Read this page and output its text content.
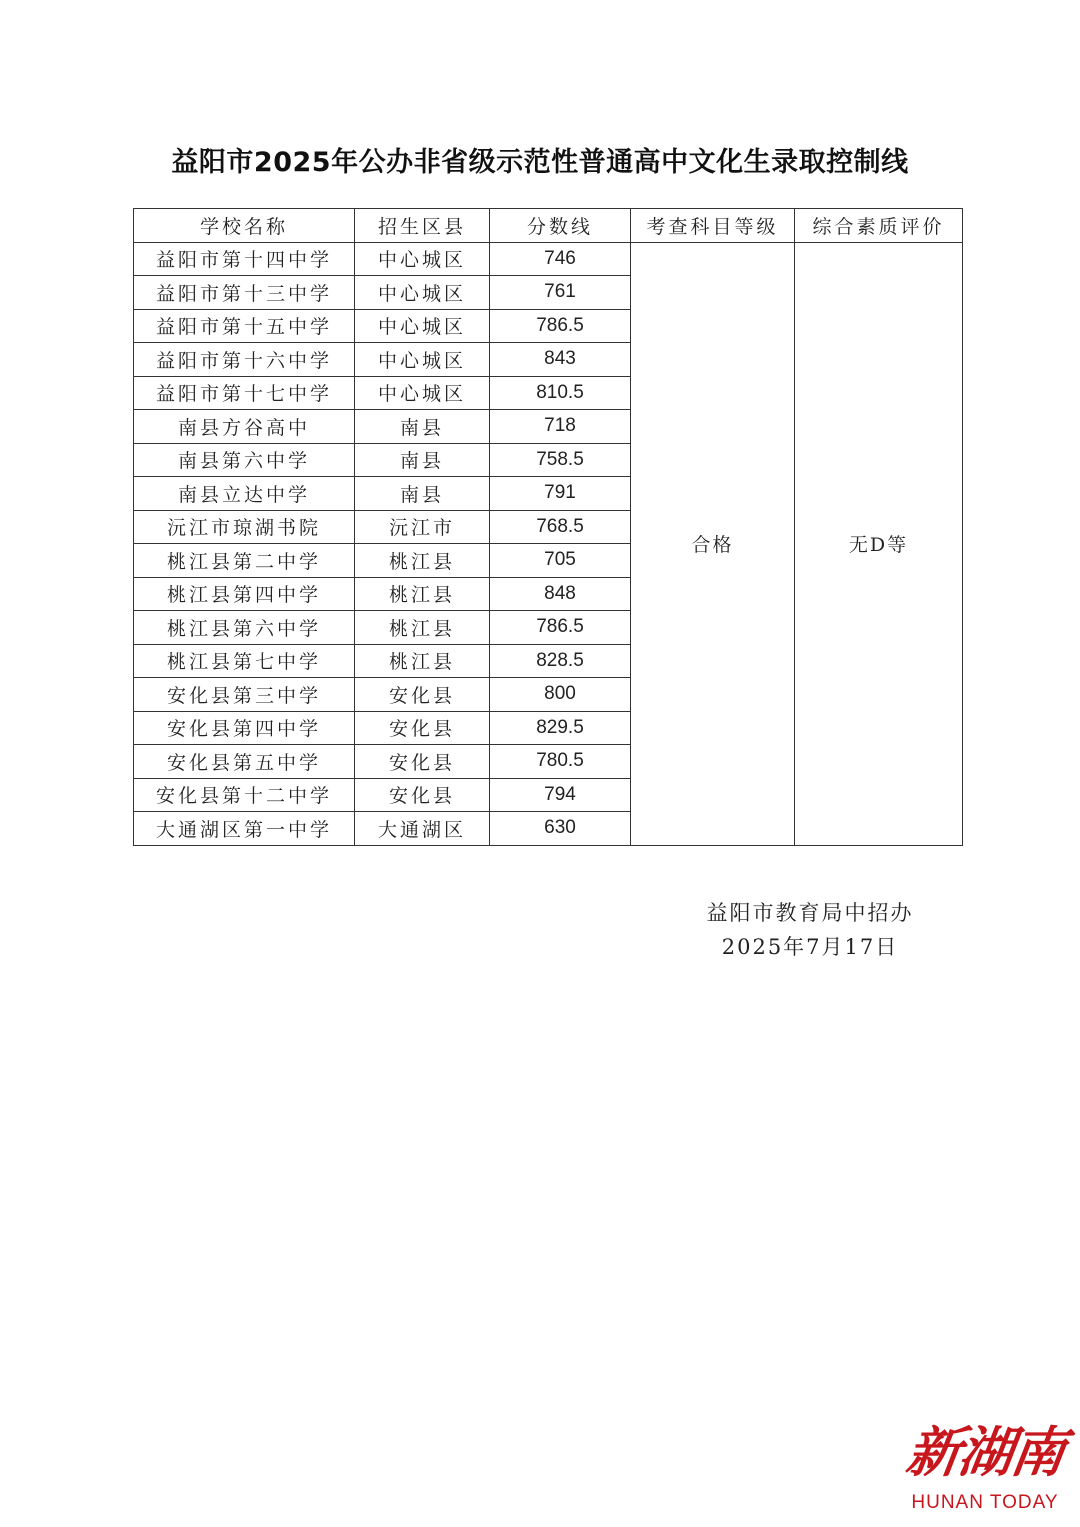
益阳市2025年公办非省级示范性普通高中文化生录取控制线
学校名称	招生区县	分数线	考查科目等级	综合素质评价
益阳市第十四中学	中心城区	746	合格	无D等
益阳市第十三中学	中心城区	761		
益阳市第十五中学	中心城区	786.5		
益阳市第十六中学	中心城区	843		
益阳市第十七中学	中心城区	810.5		
南县方谷高中	南县	718		
南县第六中学	南县	758.5		
南县立达中学	南县	791		
沅江市琼湖书院	沅江市	768.5		
桃江县第二中学	桃江县	705		
桃江县第四中学	桃江县	848		
桃江县第六中学	桃江县	786.5		
桃江县第七中学	桃江县	828.5		
安化县第三中学	安化县	800		
安化县第四中学	安化县	829.5		
安化县第五中学	安化县	780.5		
安化县第十二中学	安化县	794		
大通湖区第一中学	大通湖区	630		
益阳市教育局中招办
2025年7月17日
新湖南
HUNAN TODAY
